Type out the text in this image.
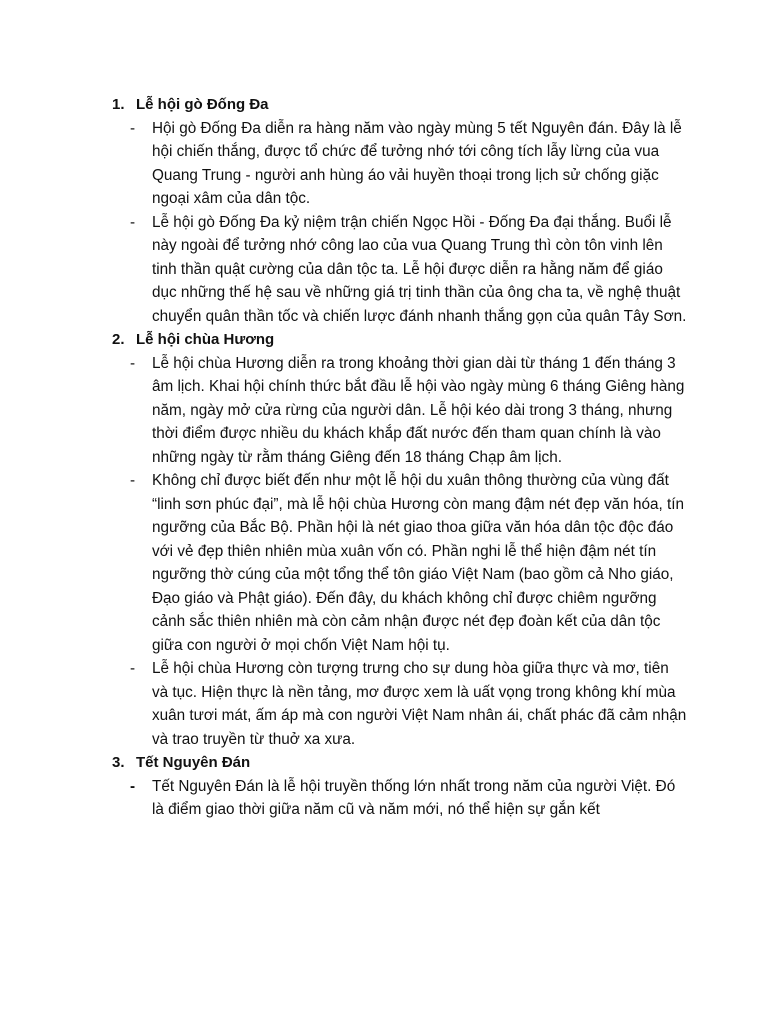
1. Lễ hội gò Đống Đa
-	Hội gò Đống Đa diễn ra hàng năm vào ngày mùng 5 tết Nguyên đán. Đây là lễ hội chiến thắng, được tổ chức để tưởng nhớ tới công tích lẫy lừng của vua Quang Trung - người anh hùng áo vải huyền thoại trong lịch sử chống giặc ngoại xâm của dân tộc.
-	Lễ hội gò Đống Đa kỷ niệm trận chiến Ngọc Hồi - Đống Đa đại thắng. Buổi lễ này ngoài để tưởng nhớ công lao của vua Quang Trung thì còn tôn vinh lên tinh thần quật cường của dân tộc ta. Lễ hội được diễn ra hằng năm để giáo dục những thế hệ sau về những giá trị tinh thần của ông cha ta, về nghệ thuật chuyển quân thần tốc và chiến lược đánh nhanh thắng gọn của quân Tây Sơn.
2. Lễ hội chùa Hương
-	Lễ hội chùa Hương diễn ra trong khoảng thời gian dài từ tháng 1 đến tháng 3 âm lịch. Khai hội chính thức bắt đầu lễ hội vào ngày mùng 6 tháng Giêng hàng năm, ngày mở cửa rừng của người dân. Lễ hội kéo dài trong 3 tháng, nhưng thời điểm được nhiều du khách khắp đất nước đến tham quan chính là vào những ngày từ rằm tháng Giêng đến 18 tháng Chạp âm lịch.
-	Không chỉ được biết đến như một lễ hội du xuân thông thường của vùng đất “linh sơn phúc đại”, mà lễ hội chùa Hương còn mang đậm nét đẹp văn hóa, tín ngưỡng của Bắc Bộ. Phần hội là nét giao thoa giữa văn hóa dân tộc độc đáo với vẻ đẹp thiên nhiên mùa xuân vốn có. Phần nghi lễ thể hiện đậm nét tín ngưỡng thờ cúng của một tổng thể tôn giáo Việt Nam (bao gồm cả Nho giáo, Đạo giáo và Phật giáo). Đến đây, du khách không chỉ được chiêm ngưỡng cảnh sắc thiên nhiên mà còn cảm nhận được nét đẹp đoàn kết của dân tộc giữa con người ở mọi chốn Việt Nam hội tụ.
-	Lễ hội chùa Hương còn tượng trưng cho sự dung hòa giữa thực và mơ, tiên và tục. Hiện thực là nền tảng, mơ được xem là uất vọng trong không khí mùa xuân tươi mát, ấm áp mà con người Việt Nam nhân ái, chất phác đã cảm nhận và trao truyền từ thuở xa xưa.
3. Tết Nguyên Đán
-	Tết Nguyên Đán là lễ hội truyền thống lớn nhất trong năm của người Việt. Đó là điểm giao thời giữa năm cũ và năm mới, nó thể hiện sự gắn kết
